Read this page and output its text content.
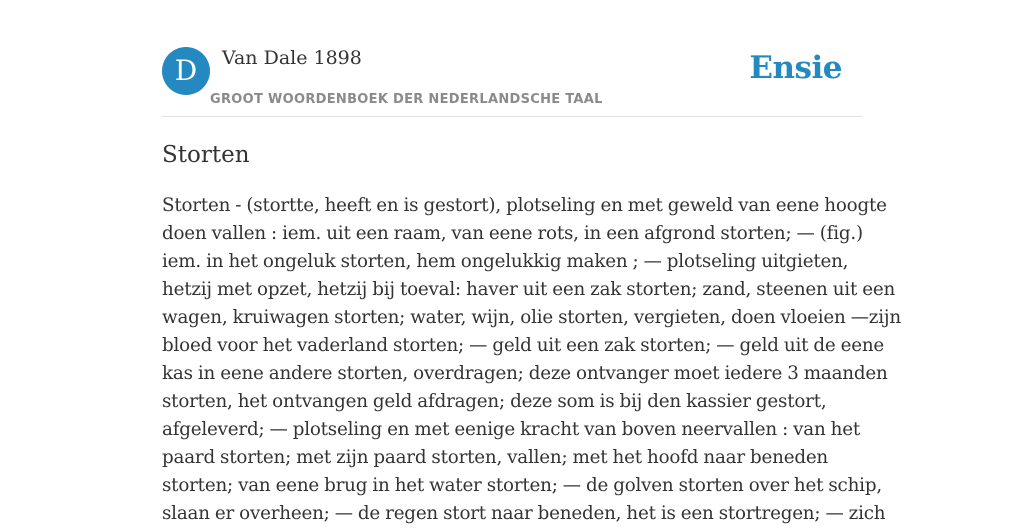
D	Van Dale 1898
GROOT WOORDENBOEK DER NEDERLANDSCHE TAAL
Ensie
Storten
Storten - (stortte, heeft en is gestort), plotseling en met geweld van eene hoogte
doen vallen : iem. uit een raam, van eene rots, in een afgrond storten; — (fig.)
iem. in het ongeluk storten, hem ongelukkig maken ; — plotseling uitgieten,
hetzij met opzet, hetzij bij toeval: haver uit een zak storten; zand, steenen uit een
wagen, kruiwagen storten; water, wijn, olie storten, vergieten, doen vloeien —zijn
bloed voor het vaderland storten; — geld uit een zak storten; — geld uit de eene
kas in eene andere storten, overdragen; deze ontvanger moet iedere 3 maanden
storten, het ontvangen geld afdragen; deze som is bij den kassier gestort,
afgeleverd; — plotseling en met eenige kracht van boven neervallen : van het
paard storten; met zijn paard storten, vallen; met het hoofd naar beneden
storten; van eene brug in het water storten; — de golven storten over het schip,
slaan er overheen; — de regen stort naar beneden, het is een stortregen; — zich
